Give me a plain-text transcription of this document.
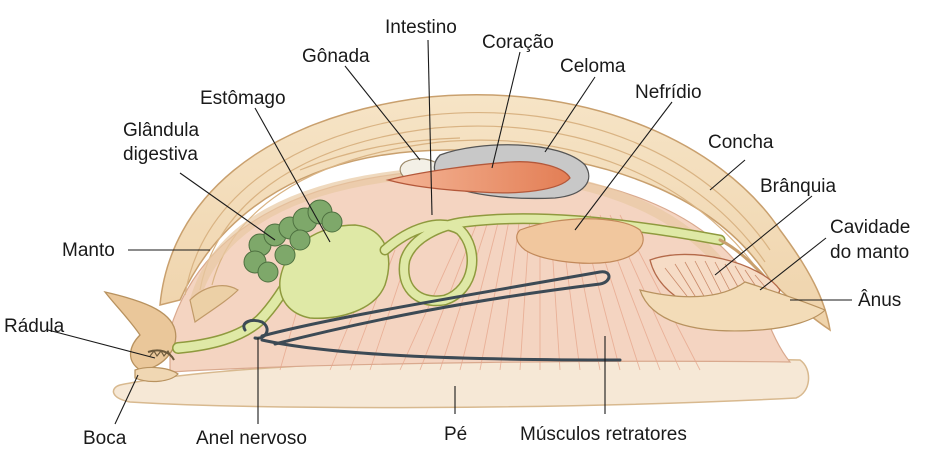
Intestino
Coração
Gônada	Celoma
Estômago	Nefrídio
Glândula
digestiva
Concha
Brânquia
Cavidade
do manto
Manto
Ânus
Rádula
Boca	Anel nervoso	Pé	Músculos retratores
